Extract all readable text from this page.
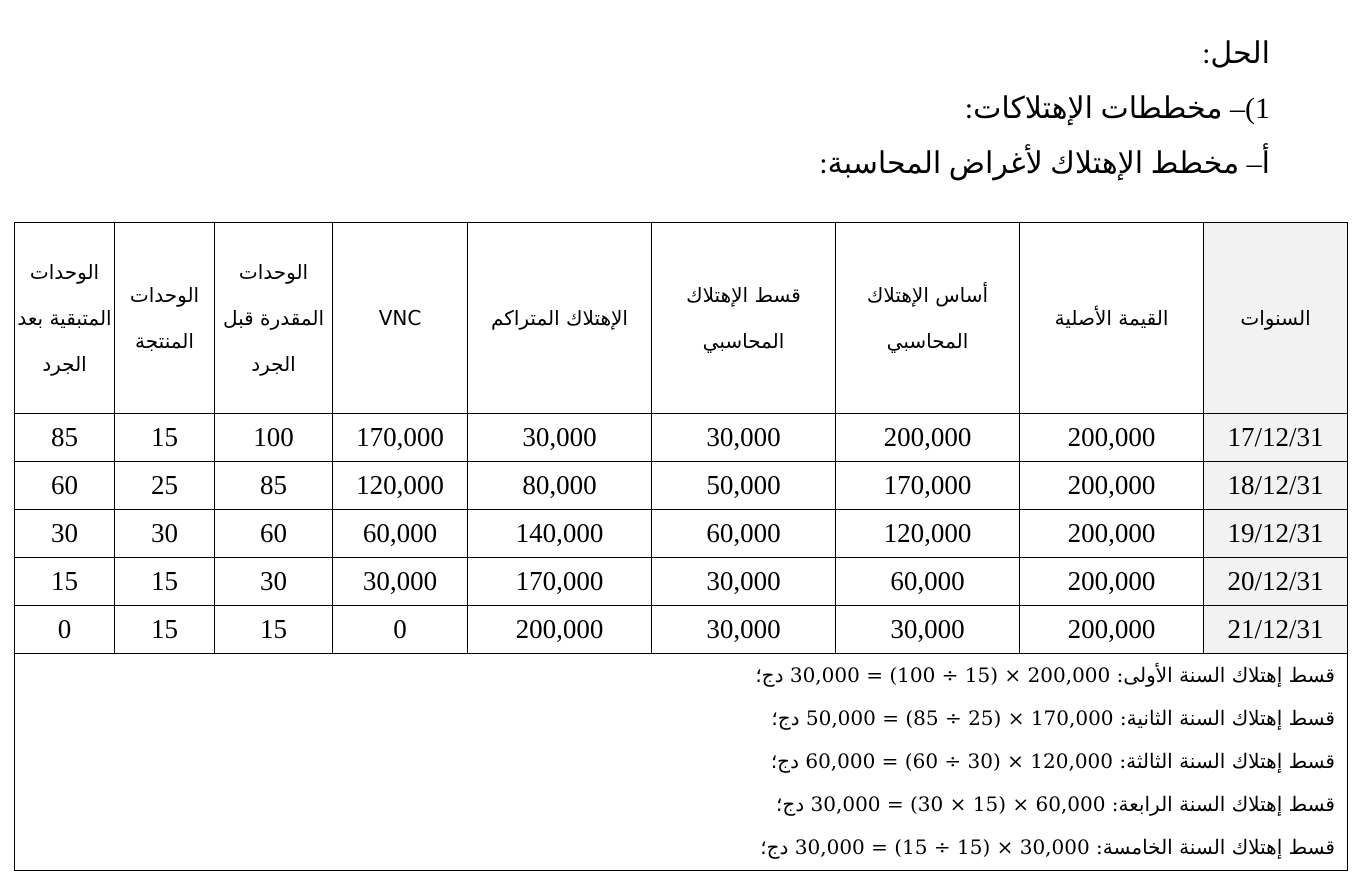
الحل:
1)– مخططات الإهتلاكات:
أ– مخطط الإهتلاك لأغراض المحاسبة:
السنوات	القيمة الأصلية	أساس الإهتلاك المحاسبي	قسط الإهتلاك المحاسبي	الإهتلاك المتراكم	VNC	الوحدات المقدرة قبل الجرد	الوحدات المنتجة	الوحدات المتبقية بعد الجرد
17/12/31	200,000	200,000	30,000	30,000	170,000	100	15	85
18/12/31	200,000	170,000	50,000	80,000	120,000	85	25	60
19/12/31	200,000	120,000	60,000	140,000	60,000	60	30	30
20/12/31	200,000	60,000	30,000	170,000	30,000	30	15	15
21/12/31	200,000	30,000	30,000	200,000	0	15	15	0

قسط إهتلاك السنة الأولى: 200,000 × (15 ÷ 100) = 30,000 دج؛
قسط إهتلاك السنة الثانية: 170,000 × (25 ÷ 85) = 50,000 دج؛
قسط إهتلاك السنة الثالثة: 120,000 × (30 ÷ 60) = 60,000 دج؛
قسط إهتلاك السنة الرابعة: 60,000 × (15 × 30) = 30,000 دج؛
قسط إهتلاك السنة الخامسة: 30,000 × (15 ÷ 15) = 30,000 دج؛								
